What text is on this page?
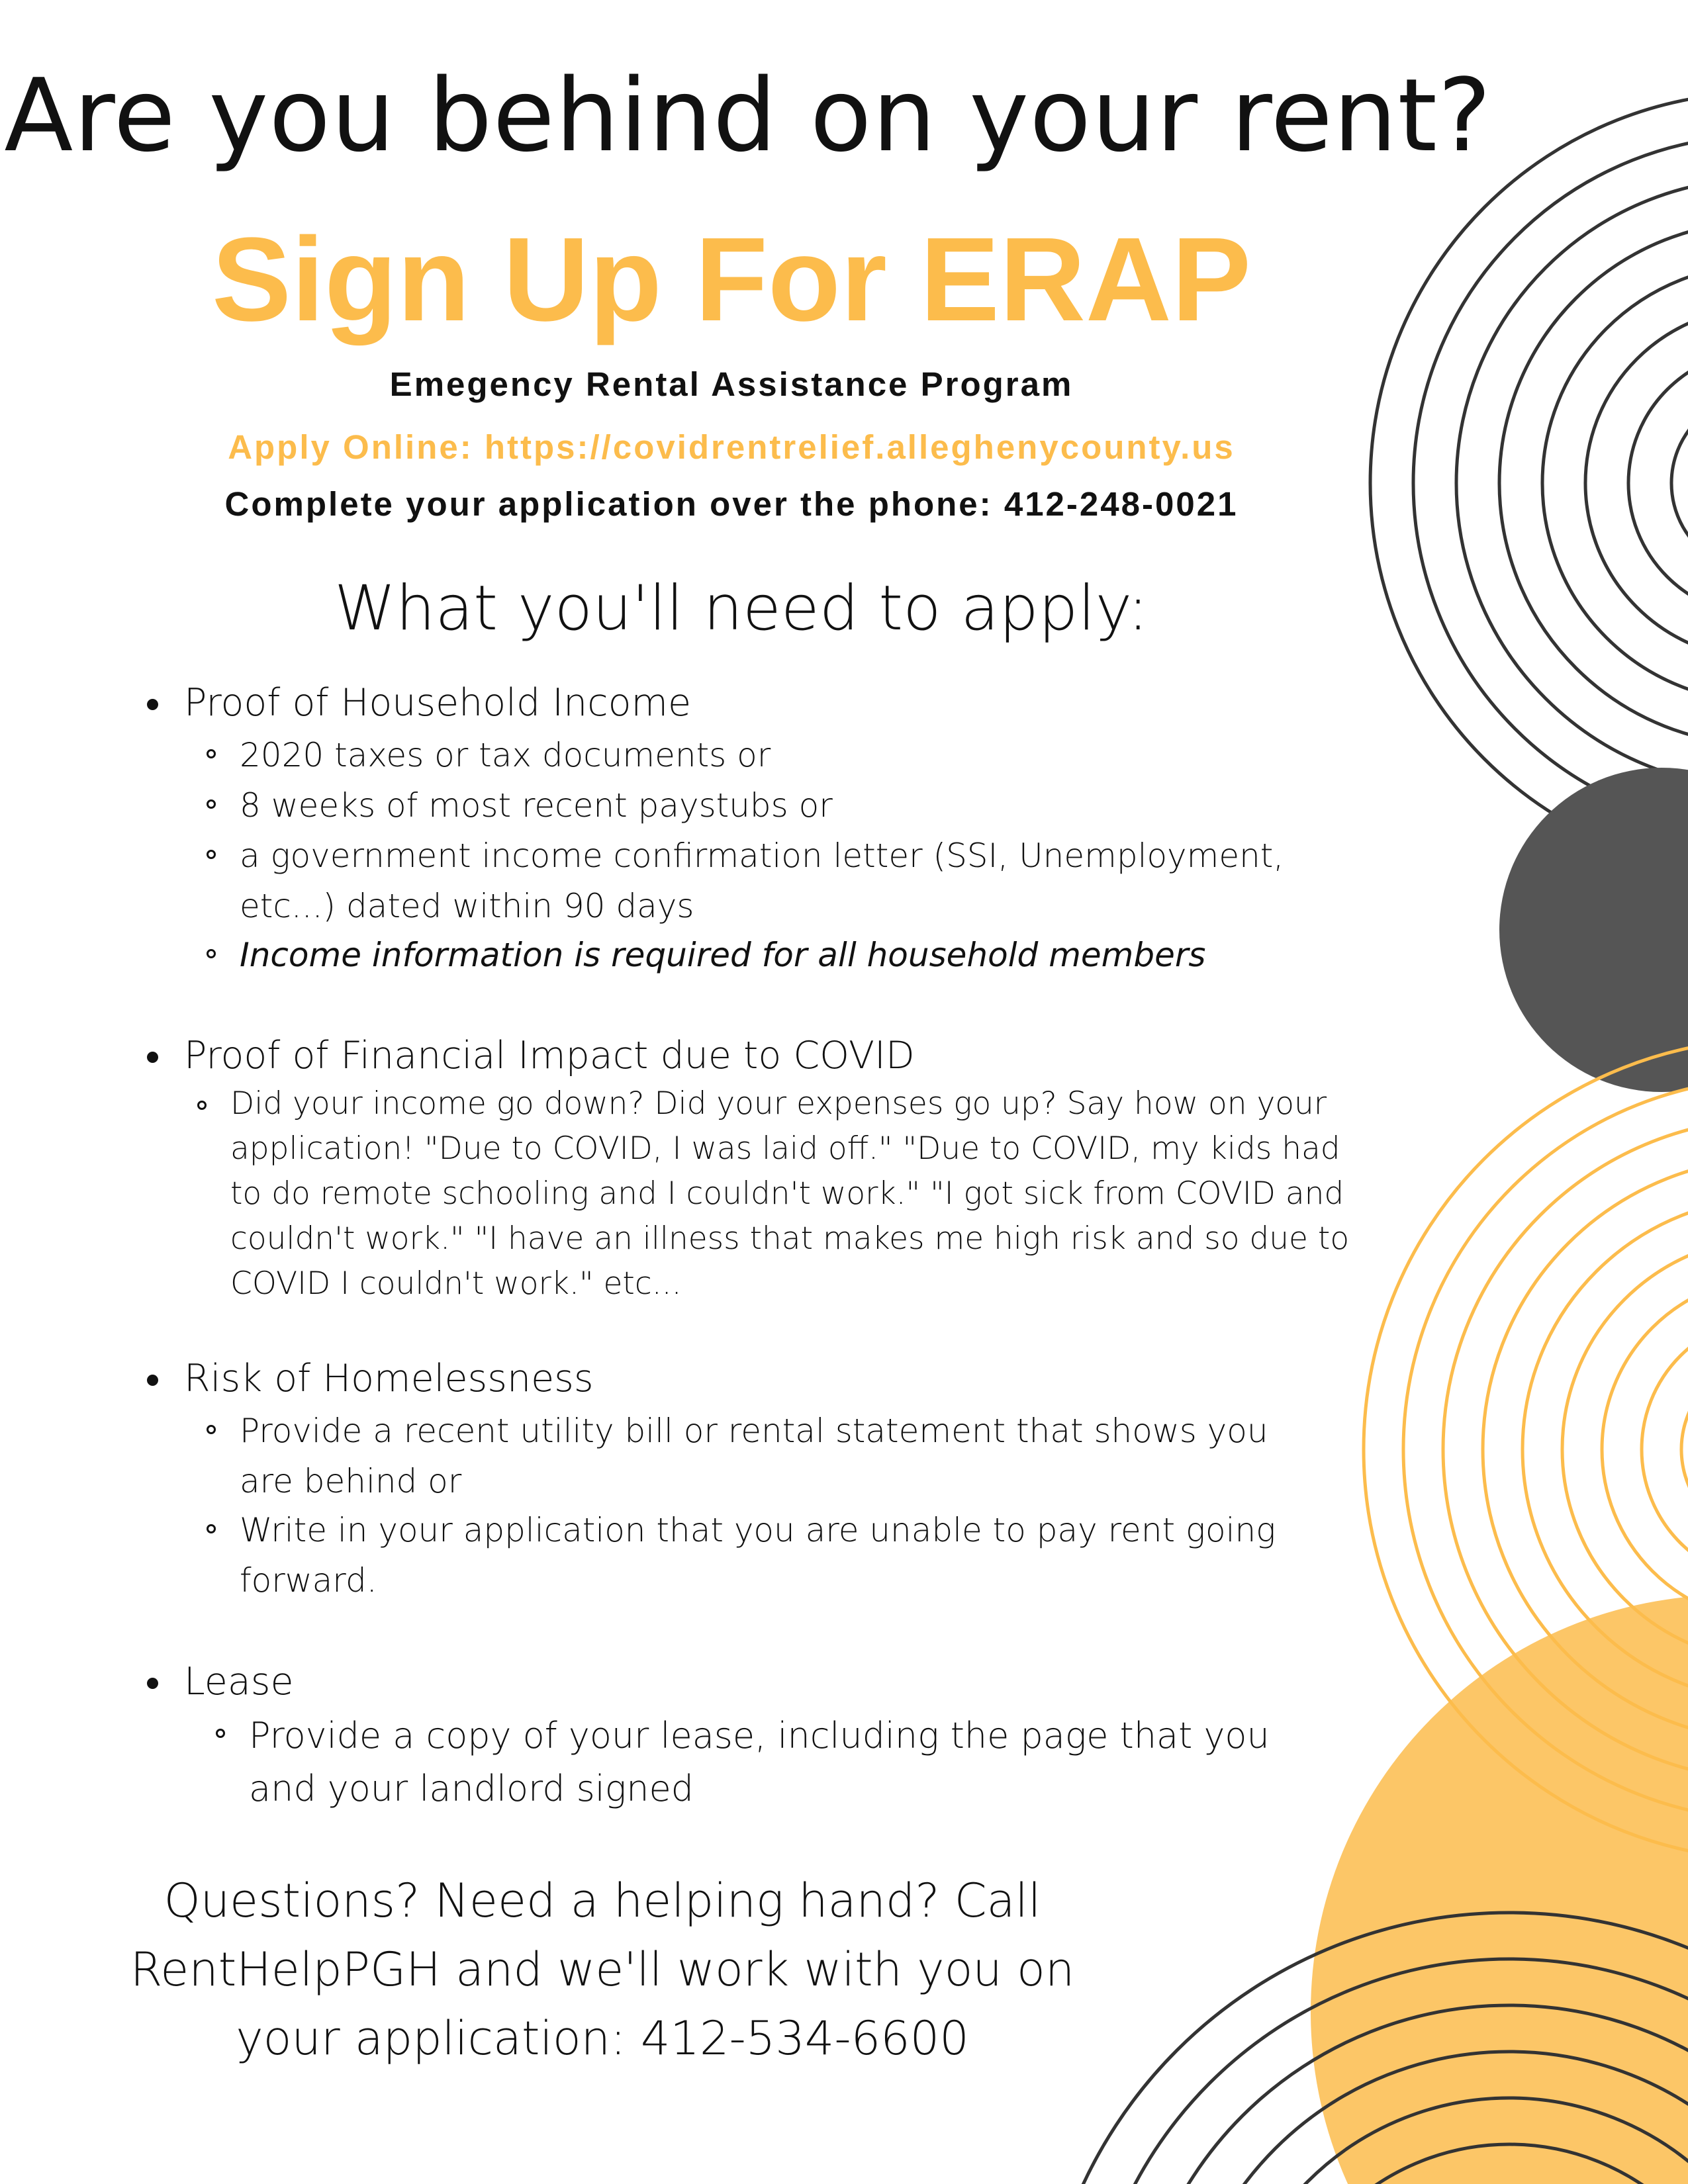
Are you behind on your rent?
Sign Up For ERAP
Emegency Rental Assistance Program
Apply Online: https://covidrentrelief.alleghenycounty.us
Complete your application over the phone: 412-248-0021
What you'll need to apply:
Proof of Household Income
2020 taxes or tax documents or
8 weeks of most recent paystubs or
a government income confirmation letter (SSI, Unemployment, etc...) dated within 90 days
Income information is required for all household members
Proof of Financial Impact due to COVID
Did your income go down? Did your expenses go up? Say how on your application! "Due to COVID, I was laid off." "Due to COVID, my kids had to do remote schooling and I couldn't work." "I got sick from COVID and couldn't work." "I have an illness that makes me high risk and so due to COVID I couldn't work." etc...
Risk of Homelessness
Provide a recent utility bill or rental statement that shows you are behind or
Write in your application that you are unable to pay rent going forward.
Lease
Provide a copy of your lease, including the page that you and your landlord signed
Questions? Need a helping hand? Call RentHelpPGH and we'll work with you on your application: 412-534-6600
